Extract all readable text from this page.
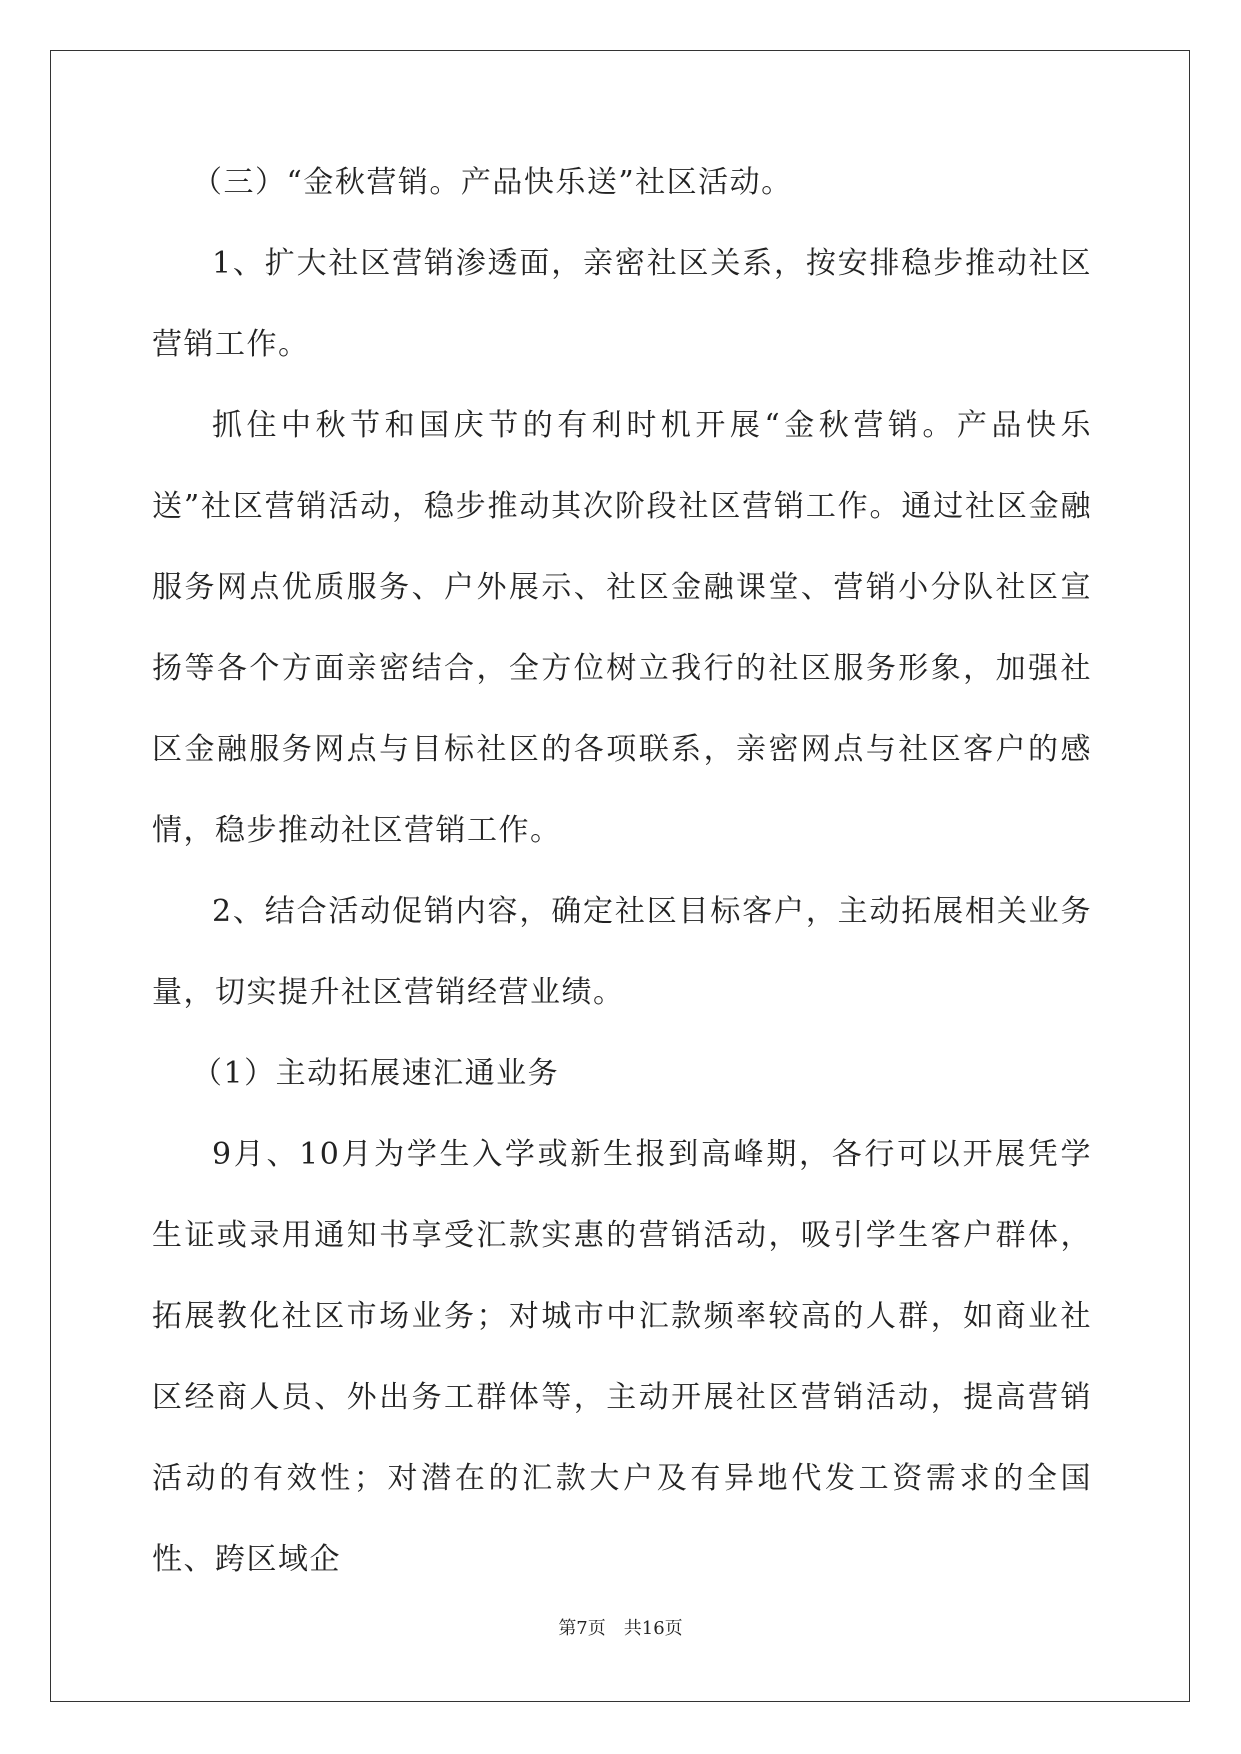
（三）“金秋营销。产品快乐送”社区活动。

1、扩大社区营销渗透面，亲密社区关系，按安排稳步推动社区营销工作。

抓住中秋节和国庆节的有利时机开展“金秋营销。产品快乐送”社区营销活动，稳步推动其次阶段社区营销工作。通过社区金融服务网点优质服务、户外展示、社区金融课堂、营销小分队社区宣扬等各个方面亲密结合，全方位树立我行的社区服务形象，加强社区金融服务网点与目标社区的各项联系，亲密网点与社区客户的感情，稳步推动社区营销工作。

2、结合活动促销内容，确定社区目标客户，主动拓展相关业务量，切实提升社区营销经营业绩。

（1）主动拓展速汇通业务

9月、10月为学生入学或新生报到高峰期，各行可以开展凭学生证或录用通知书享受汇款实惠的营销活动，吸引学生客户群体，拓展教化社区市场业务；对城市中汇款频率较高的人群，如商业社区经商人员、外出务工群体等，主动开展社区营销活动，提高营销活动的有效性；对潜在的汇款大户及有异地代发工资需求的全国性、跨区域企

第7页　共16页
